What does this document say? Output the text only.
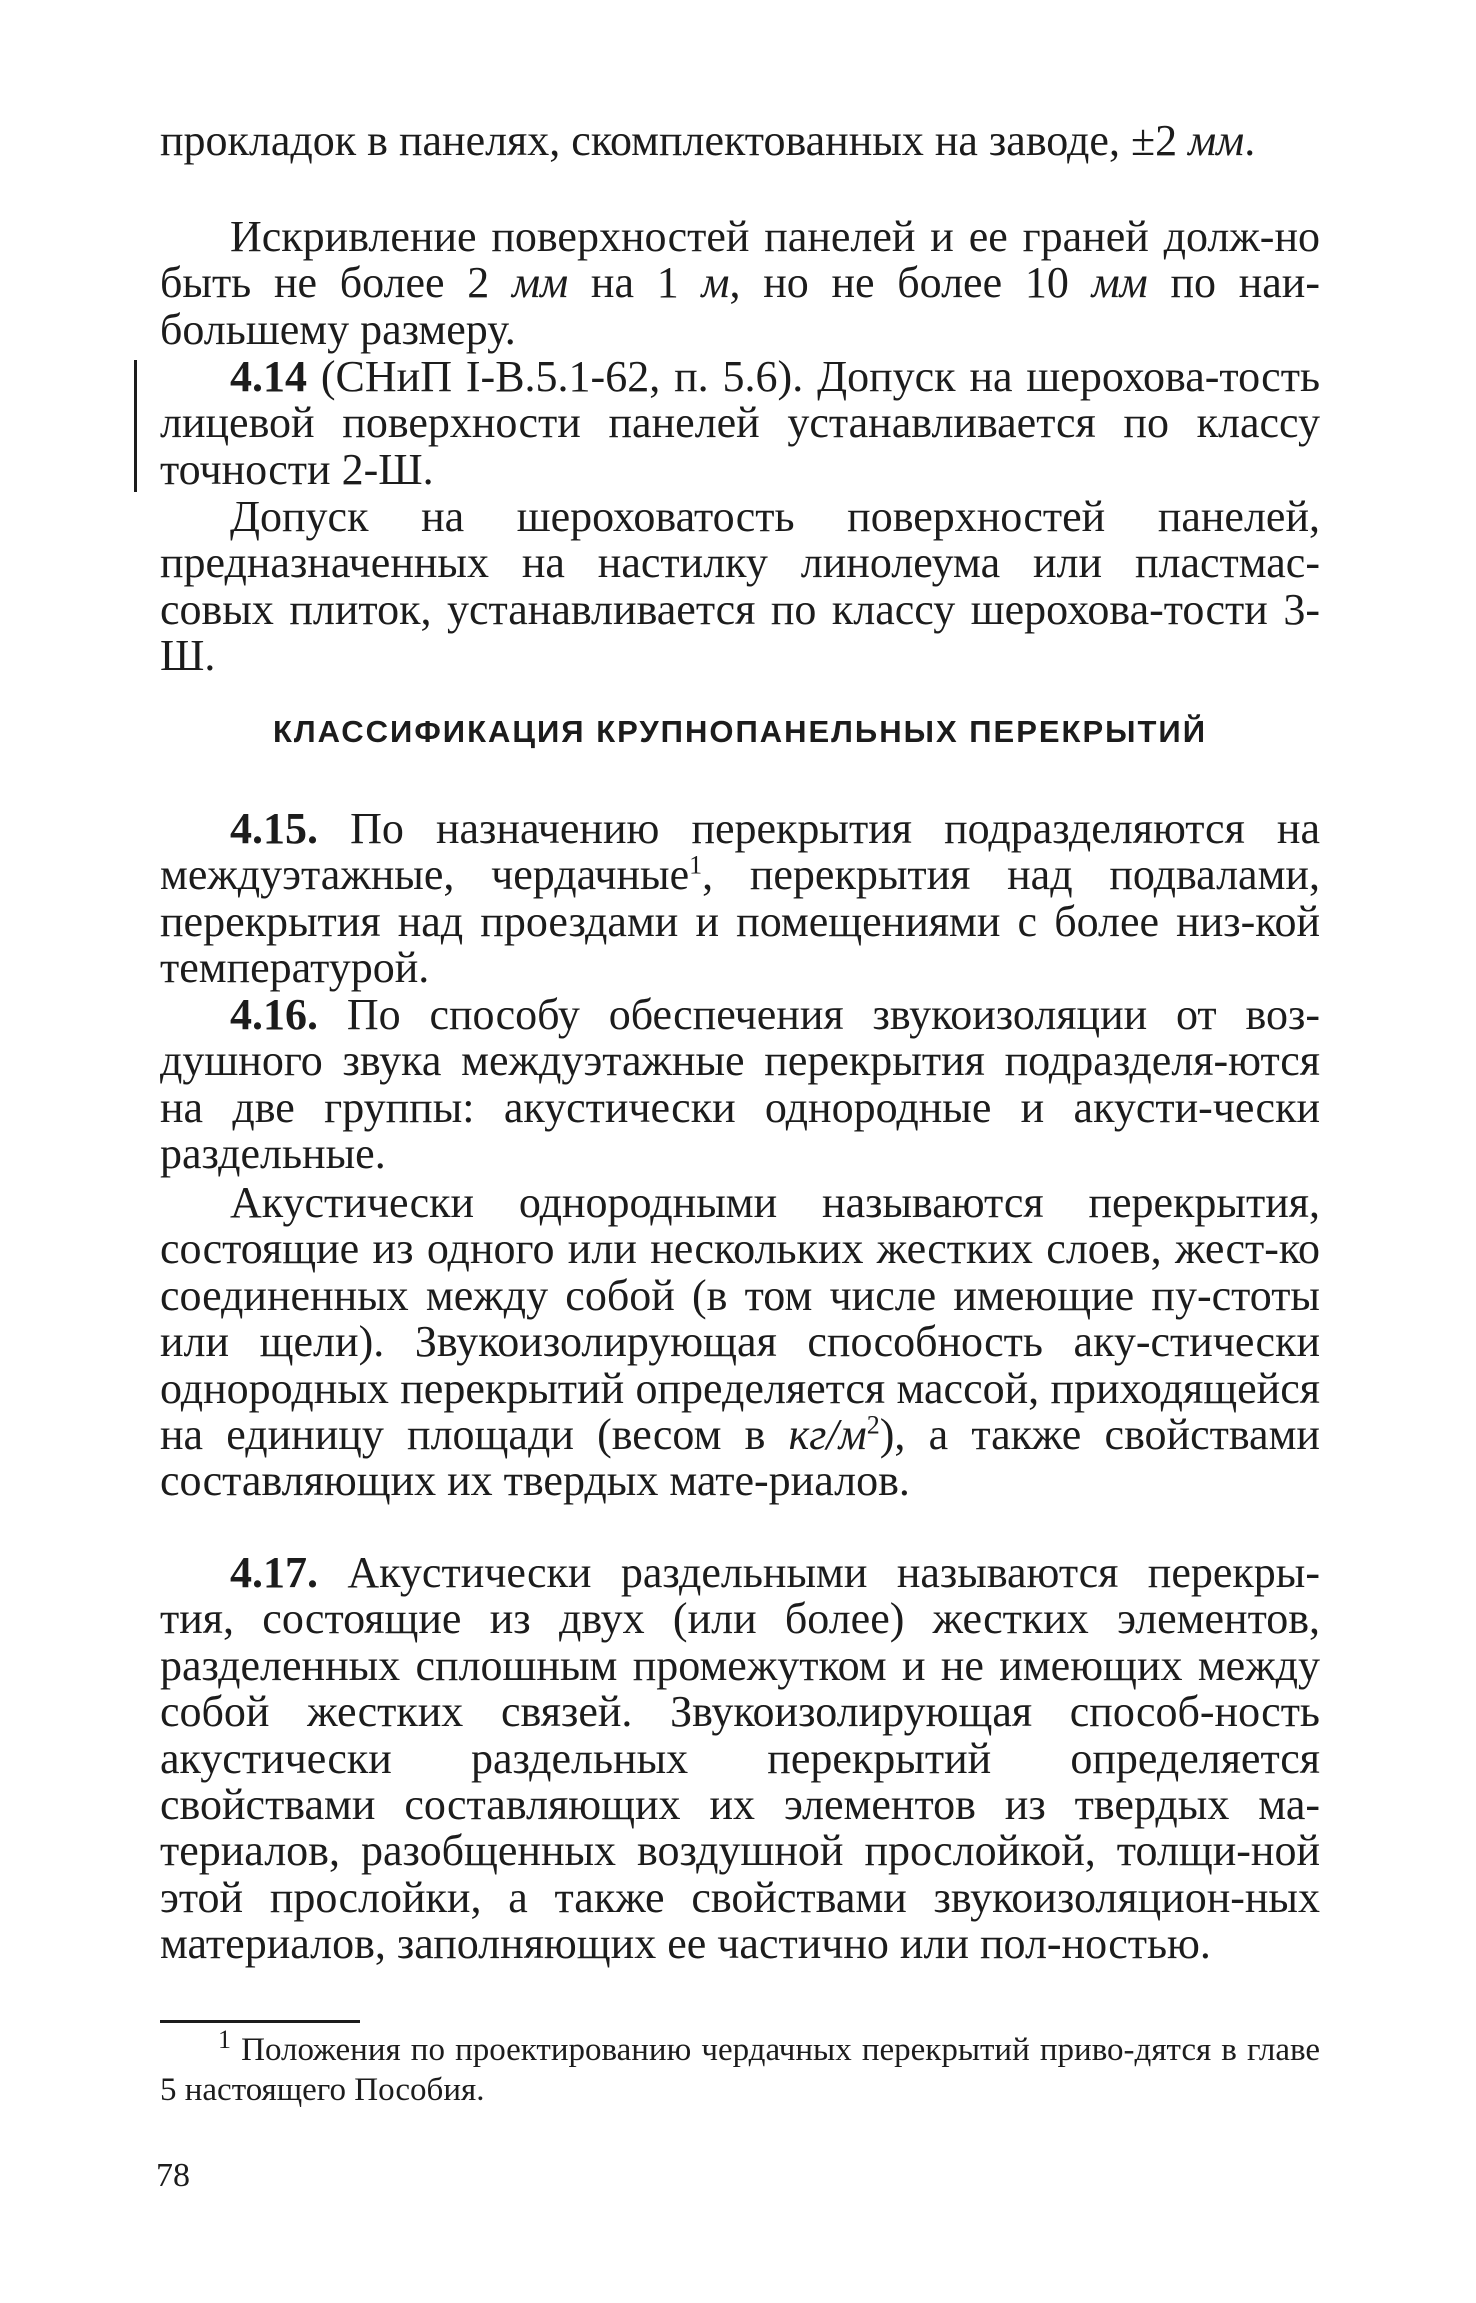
прокладок в панелях, скомплектованных на заводе, ±2 мм.

Искривление поверхностей панелей и ее граней долж-но быть не более 2 мм на 1 м, но не более 10 мм по наи-большему размеру.

4.14 (СНиП I-В.5.1-62, п. 5.6). Допуск на шерохова-тость лицевой поверхности панелей устанавливается по классу точности 2-Ш.

Допуск на шероховатость поверхностей панелей, предназначенных на настилку линолеума или пластмас-совых плиток, устанавливается по классу шерохова-тости 3-Ш.

КЛАССИФИКАЦИЯ КРУПНОПАНЕЛЬНЫХ ПЕРЕКРЫТИЙ

4.15. По назначению перекрытия подразделяются на междуэтажные, чердачные$^1$, перекрытия над подвалами, перекрытия над проездами и помещениями с более низ-кой температурой.

4.16. По способу обеспечения звукоизоляции от воз-душного звука междуэтажные перекрытия подразделя-ются на две группы: акустически однородные и акусти-чески раздельные.

Акустически однородными называются перекрытия, состоящие из одного или нескольких жестких слоев, жест-ко соединенных между собой (в том числе имеющие пу-стоты или щели). Звукоизолирующая способность аку-стически однородных перекрытий определяется массой, приходящейся на единицу площади (весом в $кг/м^2$), а также свойствами составляющих их твердых мате-риалов.

4.17. Акустически раздельными называются перекры-тия, состоящие из двух (или более) жестких элементов, разделенных сплошным промежутком и не имеющих между собой жестких связей. Звукоизолирующая способ-ность акустически раздельных перекрытий определяется свойствами составляющих их элементов из твердых ма-териалов, разобщенных воздушной прослойкой, толщи-ной этой прослойки, а также свойствами звукоизоляцион-ных материалов, заполняющих ее частично или пол-ностью.

$^1$ Положения по проектированию чердачных перекрытий приво-дятся в главе 5 настоящего Пособия.

78
